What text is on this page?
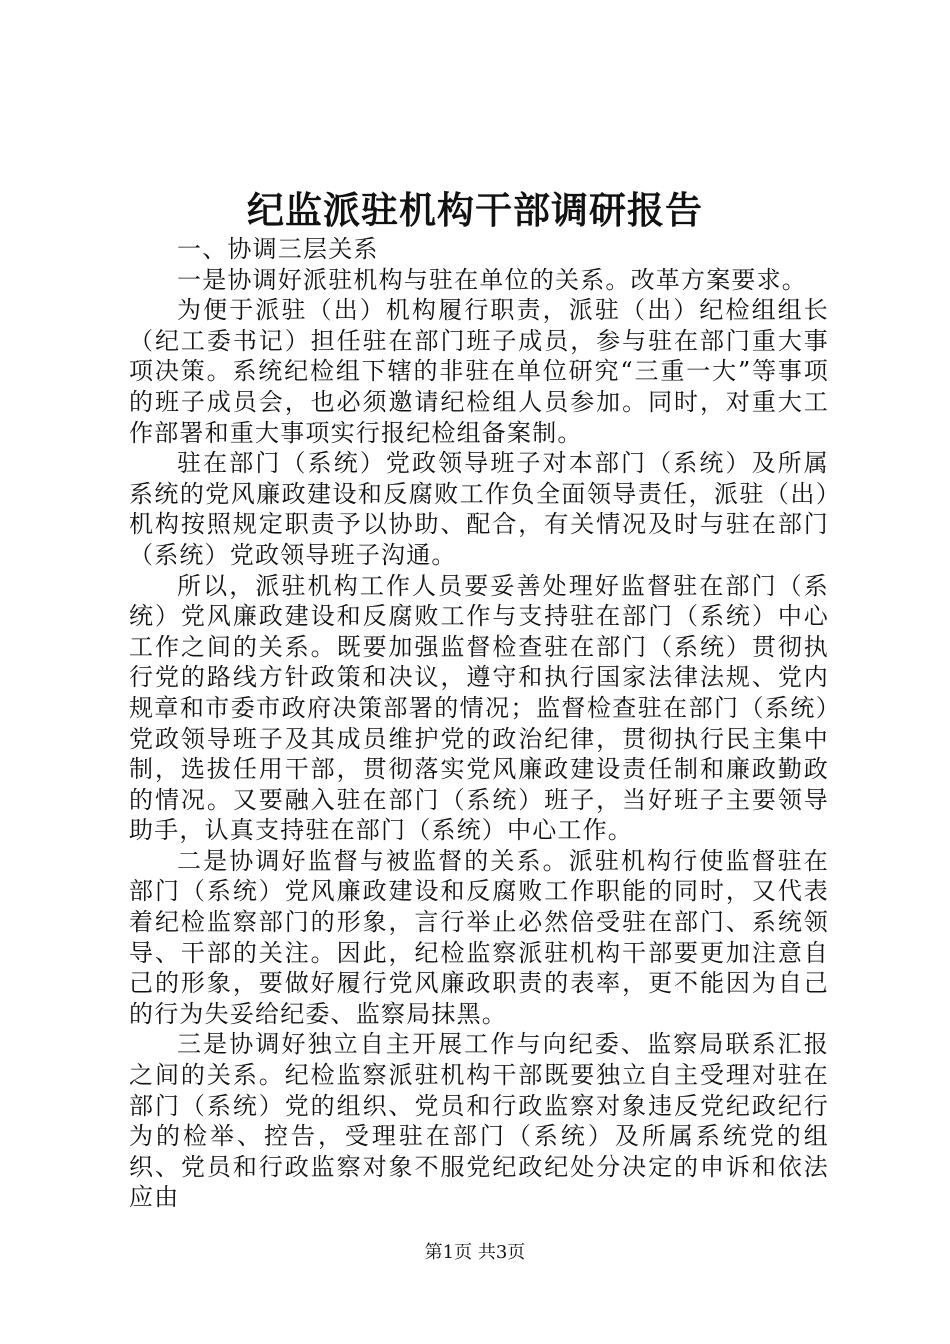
纪监派驻机构干部调研报告

一、协调三层关系

一是协调好派驻机构与驻在单位的关系。改革方案要求。

为便于派驻（出）机构履行职责，派驻（出）纪检组组长（纪工委书记）担任驻在部门班子成员，参与驻在部门重大事项决策。系统纪检组下辖的非驻在单位研究“三重一大”等事项的班子成员会，也必须邀请纪检组人员参加。同时，对重大工作部署和重大事项实行报纪检组备案制。

驻在部门（系统）党政领导班子对本部门（系统）及所属系统的党风廉政建设和反腐败工作负全面领导责任，派驻（出）机构按照规定职责予以协助、配合，有关情况及时与驻在部门（系统）党政领导班子沟通。

所以，派驻机构工作人员要妥善处理好监督驻在部门（系统）党风廉政建设和反腐败工作与支持驻在部门（系统）中心工作之间的关系。既要加强监督检查驻在部门（系统）贯彻执行党的路线方针政策和决议，遵守和执行国家法律法规、党内规章和市委市政府决策部署的情况；监督检查驻在部门（系统）党政领导班子及其成员维护党的政治纪律，贯彻执行民主集中制，选拔任用干部，贯彻落实党风廉政建设责任制和廉政勤政的情况。又要融入驻在部门（系统）班子，当好班子主要领导助手，认真支持驻在部门（系统）中心工作。

二是协调好监督与被监督的关系。派驻机构行使监督驻在部门（系统）党风廉政建设和反腐败工作职能的同时，又代表着纪检监察部门的形象，言行举止必然倍受驻在部门、系统领导、干部的关注。因此，纪检监察派驻机构干部要更加注意自己的形象，要做好履行党风廉政职责的表率，更不能因为自己的行为失妥给纪委、监察局抹黑。

三是协调好独立自主开展工作与向纪委、监察局联系汇报之间的关系。纪检监察派驻机构干部既要独立自主受理对驻在部门（系统）党的组织、党员和行政监察对象违反党纪政纪行为的检举、控告，受理驻在部门（系统）及所属系统党的组织、党员和行政监察对象不服党纪政纪处分决定的申诉和依法应由

第1页 共3页
